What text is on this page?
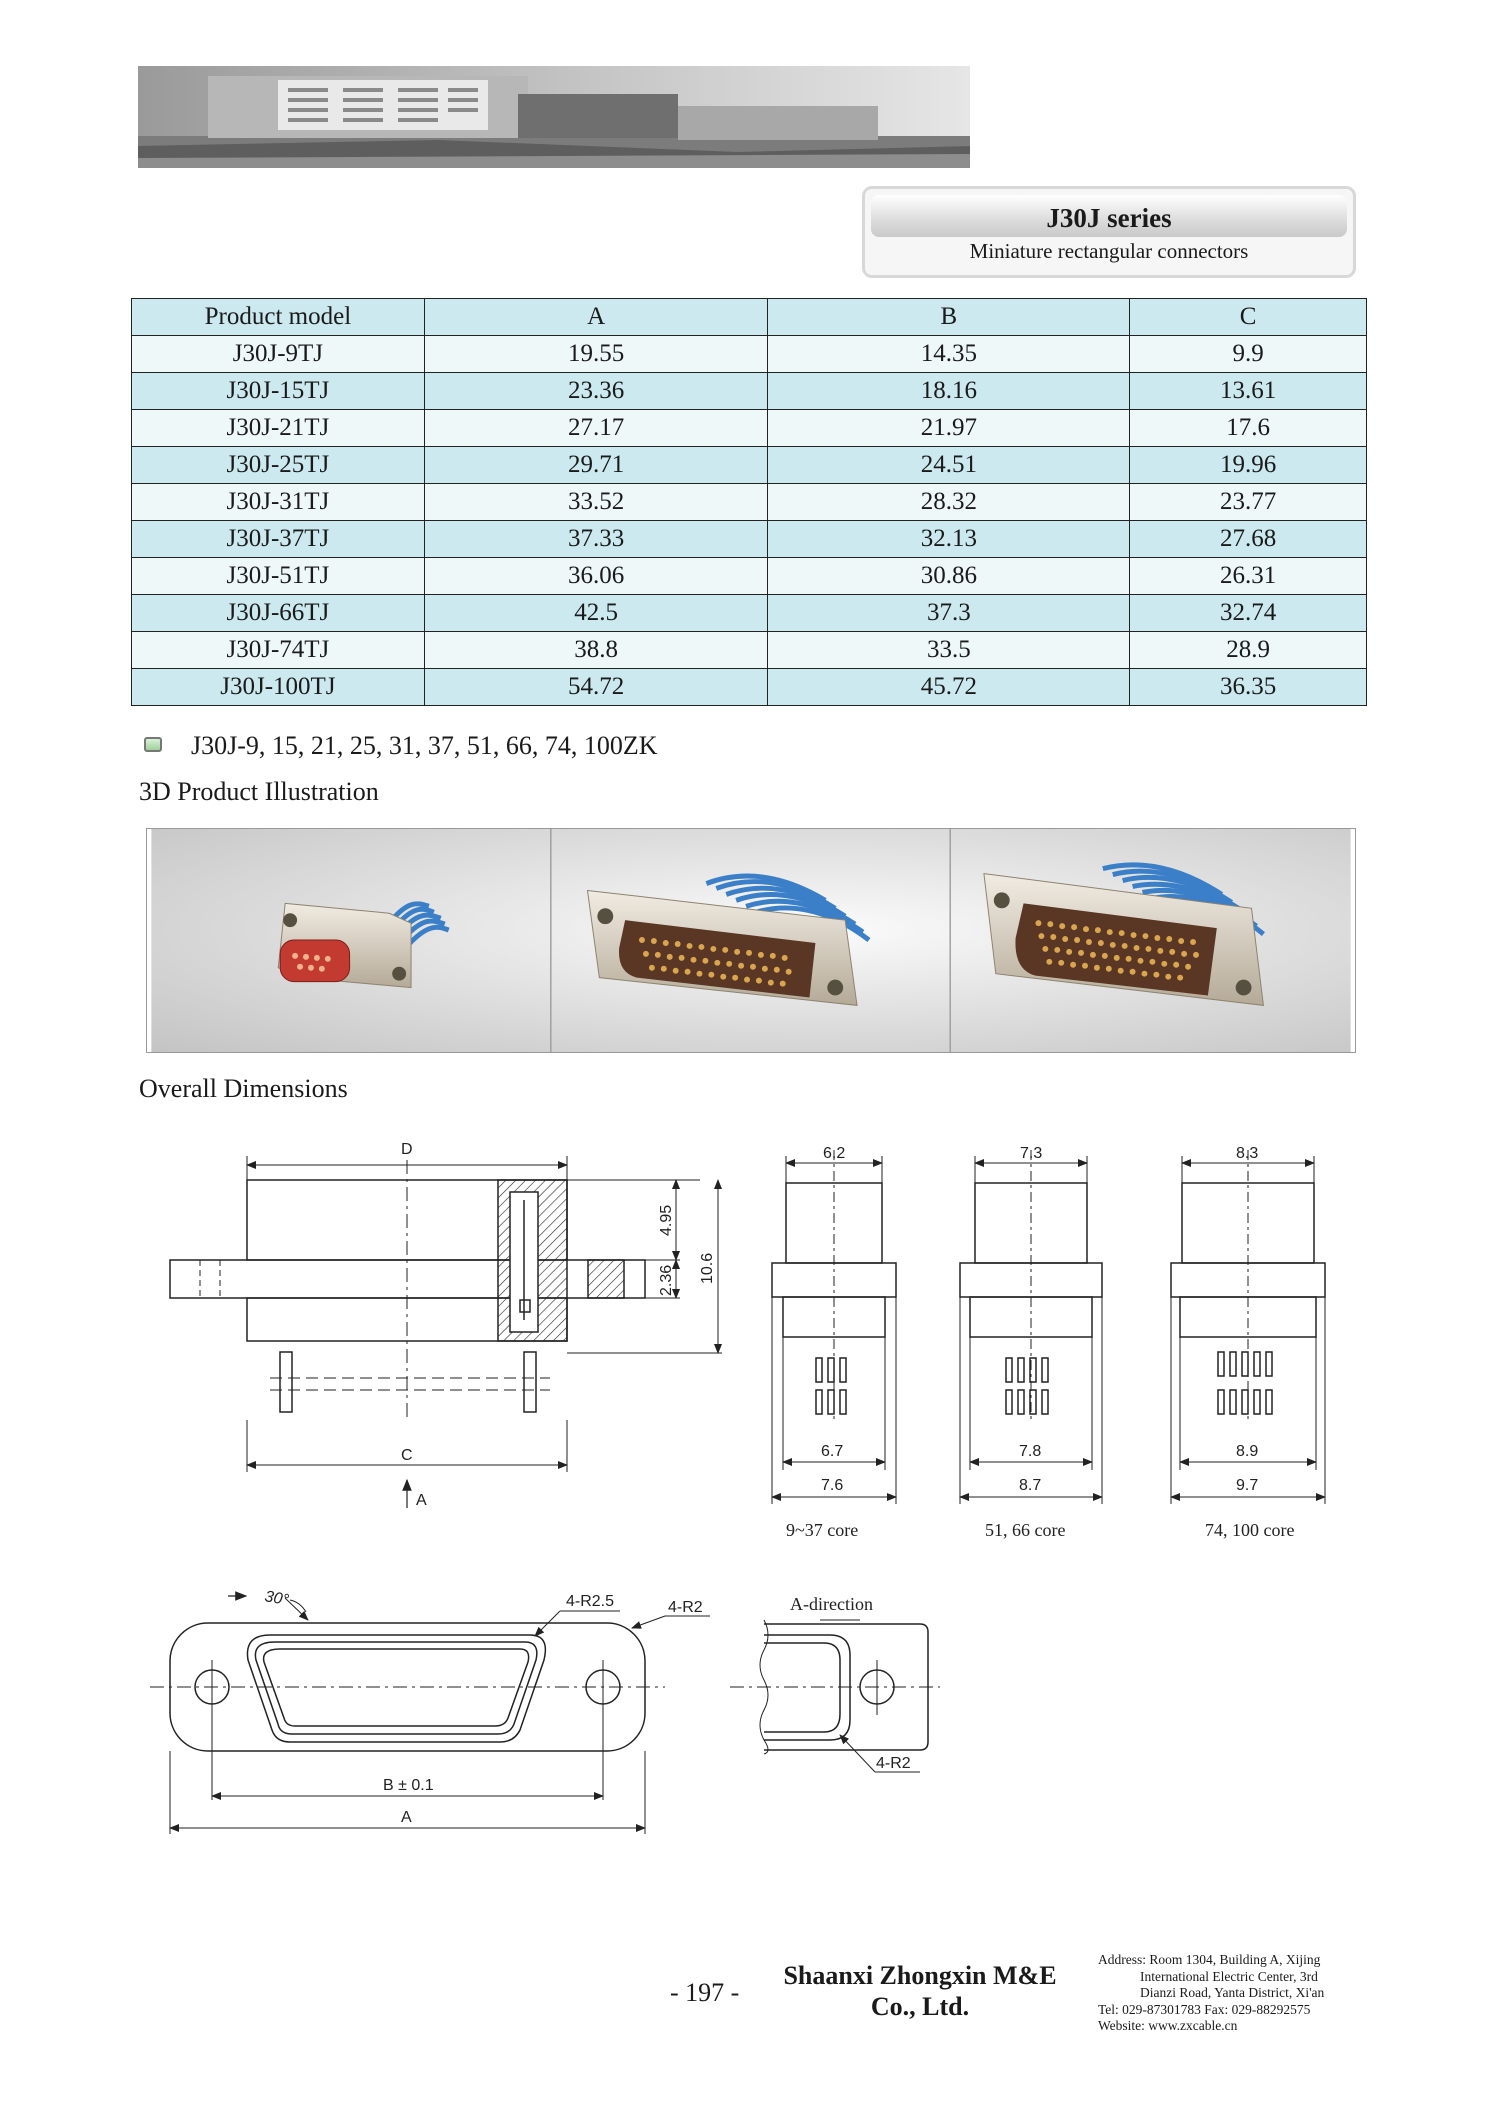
J30J series
Miniature rectangular connectors
Product model	A	B	C
J30J-9TJ	19.55	14.35	9.9
J30J-15TJ	23.36	18.16	13.61
J30J-21TJ	27.17	21.97	17.6
J30J-25TJ	29.71	24.51	19.96
J30J-31TJ	33.52	28.32	23.77
J30J-37TJ	37.33	32.13	27.68
J30J-51TJ	36.06	30.86	26.31
J30J-66TJ	42.5	37.3	32.74
J30J-74TJ	38.8	33.5	28.9
J30J-100TJ	54.72	45.72	36.35
J30J-9, 15, 21, 25, 31, 37, 51, 66, 74, 100ZK
3D Product Illustration
Overall Dimensions
D
C
A
4.95
2.36 10.6
6.2
6.7
7.6
9~37 core
7.3
7.8
8.7
51, 66 core
8.3
8.9
9.7
74, 100 core
30°	4-R2.5	4-R2
B ± 0.1
A
A-direction
4-R2
- 197 -
Shaanxi Zhongxin M&E
Co., Ltd.
Address: Room 1304, Building A, Xijing
International Electric Center, 3rd
Dianzi Road, Yanta District, Xi'an
Tel: 029-87301783 Fax: 029-88292575
Website: www.zxcable.cn
